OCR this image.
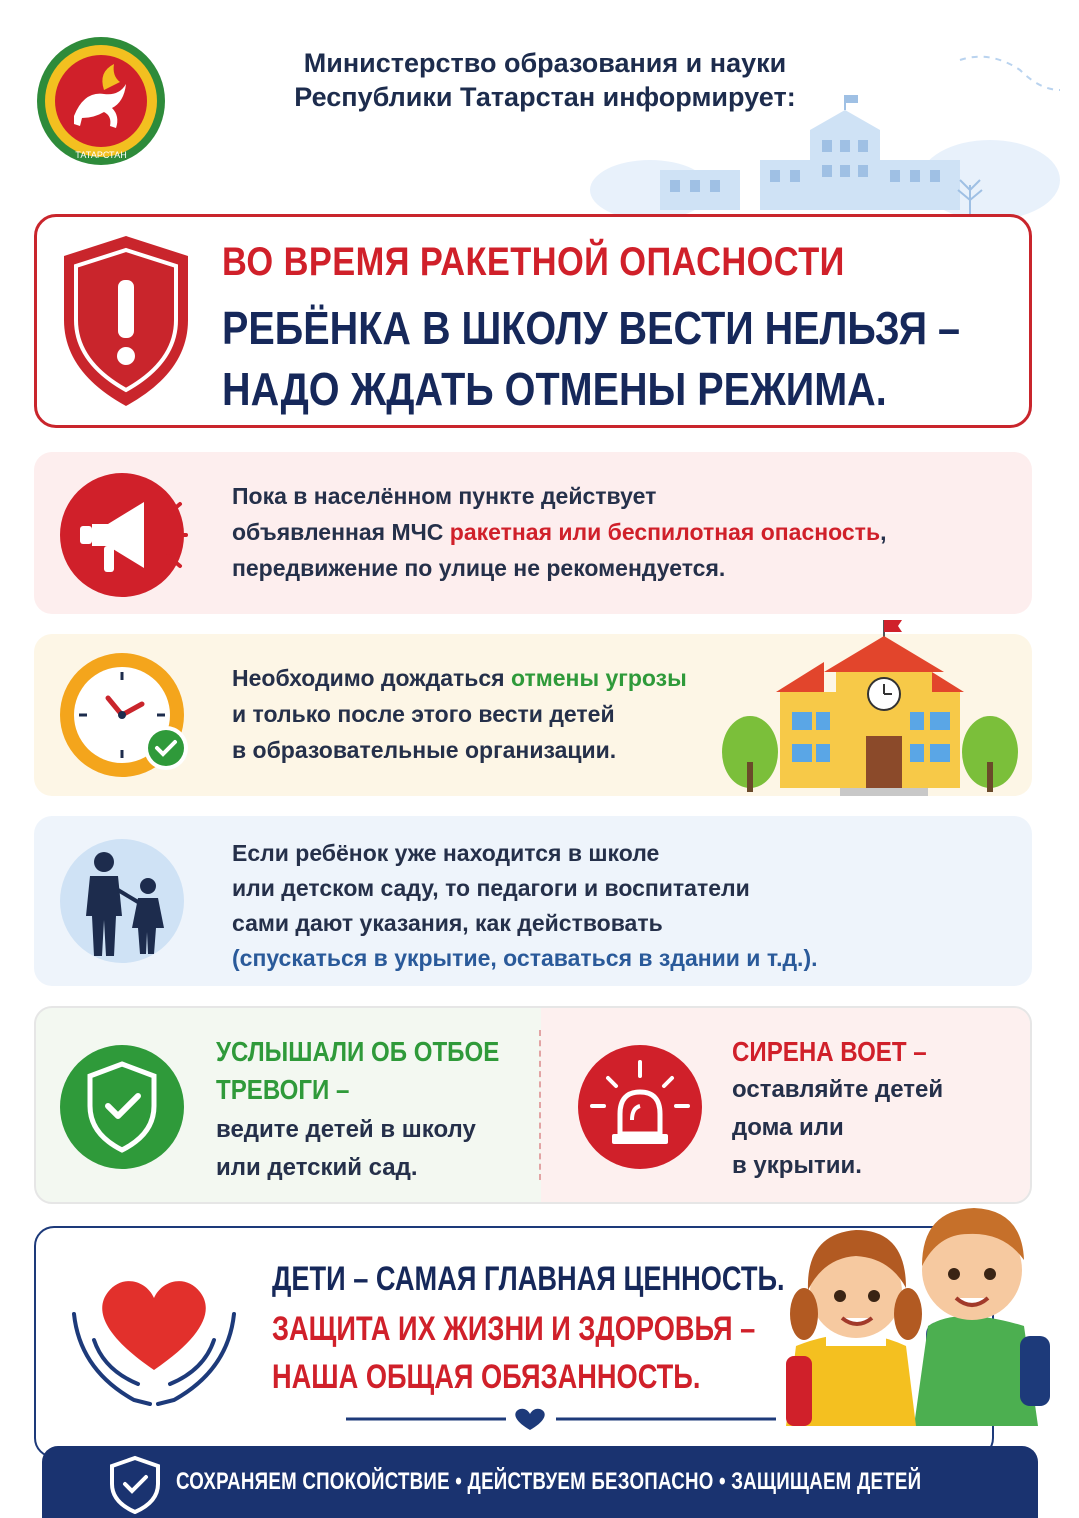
ТАТАРСТАН
Министерство образования и науки
Республики Татарстан информирует:
ВО ВРЕМЯ РАКЕТНОЙ ОПАСНОСТИ
РЕБЁНКА В ШКОЛУ ВЕСТИ НЕЛЬЗЯ –
НАДО ЖДАТЬ ОТМЕНЫ РЕЖИМА.
Пока в населённом пункте действует
объявленная МЧС ракетная или беспилотная опасность,
передвижение по улице не рекомендуется.
Необходимо дождаться отмены угрозы
и только после этого вести детей
в образовательные организации.
Если ребёнок уже находится в школе
или детском саду, то педагоги и воспитатели
сами дают указания, как действовать
(спускаться в укрытие, оставаться в здании и т.д.).
УСЛЫШАЛИ ОБ ОТБОЕ
ТРЕВОГИ –
ведите детей в школу
или детский сад.
СИРЕНА ВОЕТ –
оставляйте детей
дома или
в укрытии.
ДЕТИ – САМАЯ ГЛАВНАЯ ЦЕННОСТЬ.
ЗАЩИТА ИХ ЖИЗНИ И ЗДОРОВЬЯ –
НАША ОБЩАЯ ОБЯЗАННОСТЬ.
СОХРАНЯЕМ СПОКОЙСТВИЕ • ДЕЙСТВУЕМ БЕЗОПАСНО • ЗАЩИЩАЕМ ДЕТЕЙ
